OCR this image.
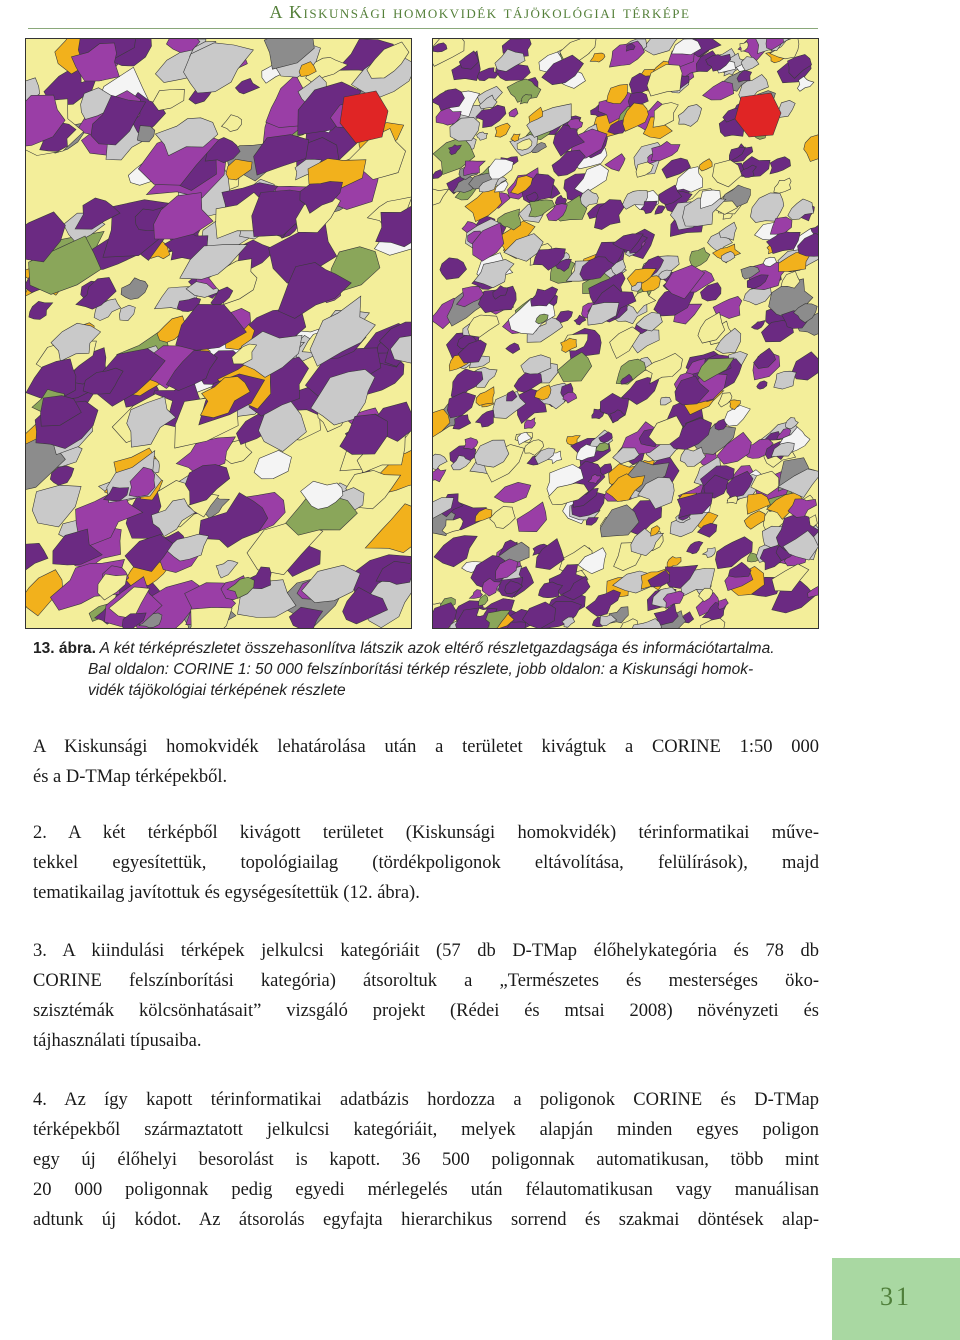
A Kiskunsági homokvidék tájökológiai térképe
13. ábra. A két térképrészletet összehasonlítva látszik azok eltérő részletgazdagsága és információtartalma.
Bal oldalon: CORINE 1: 50 000 felszínborítási térkép részlete, jobb oldalon: a Kiskunsági homok-
vidék tájökológiai térképének részlete
A Kiskunsági homokvidék lehatárolása után a területet kivágtuk a CORINE 1:50 000
és a D-TMap térképekből.
2. A két térképből kivágott területet (Kiskunsági homokvidék) térinformatikai műve-
tekkel egyesítettük, topológiailag (tördékpoligonok eltávolítása, felülírások), majd
tematikailag javítottuk és egységesítettük (12. ábra).
3. A kiindulási térképek jelkulcsi kategóriáit (57 db D-TMap élőhelykategória és 78 db
CORINE felszínborítási kategória) átsoroltuk a „Természetes és mesterséges öko-
szisztémák kölcsönhatásait” vizsgáló projekt (Rédei és mtsai 2008) növényzeti és
tájhasználati típusaiba.
4. Az így kapott térinformatikai adatbázis hordozza a poligonok CORINE és D-TMap
térképekből származtatott jelkulcsi kategóriáit, melyek alapján minden egyes poligon
egy új élőhelyi besorolást is kapott. 36 500 poligonnak automatikusan, több mint
20 000 poligonnak pedig egyedi mérlegelés után félautomatikusan vagy manuálisan
adtunk új kódot. Az átsorolás egyfajta hierarchikus sorrend és szakmai döntések alap-
31
